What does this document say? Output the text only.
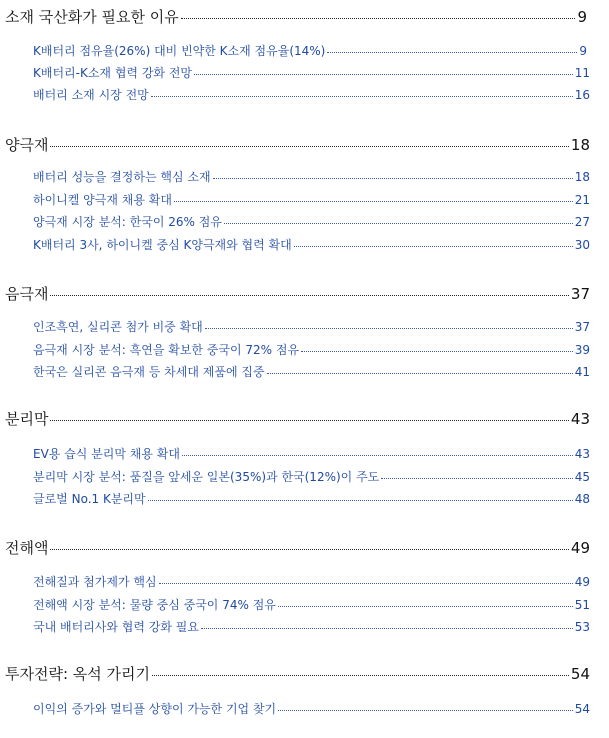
소재 국산화가 필요한 이유	9
K배터리 점유율(26%) 대비 빈약한 K소재 점유율(14%)	9
K배터리-K소재 협력 강화 전망	11
배터리 소재 시장 전망	16
양극재	18
배터리 성능을 결정하는 핵심 소재	18
하이니켈 양극재 채용 확대	21
양극재 시장 분석: 한국이 26% 점유	27
K배터리 3사, 하이니켈 중심 K양극재와 협력 확대	30
음극재	37
인조흑연, 실리콘 첨가 비중 확대	37
음극재 시장 분석: 흑연을 확보한 중국이 72% 점유	39
한국은 실리콘 음극재 등 차세대 제품에 집중	41
분리막	43
EV용 습식 분리막 채용 확대	43
분리막 시장 분석: 품질을 앞세운 일본(35%)과 한국(12%)이 주도	45
글로벌 No.1 K분리막	48
전해액	49
전해질과 첨가제가 핵심	49
전해액 시장 분석: 물량 중심 중국이 74% 점유	51
국내 배터리사와 협력 강화 필요	53
투자전략: 옥석 가리기	54
이익의 증가와 멀티플 상향이 가능한 기업 찾기	54
